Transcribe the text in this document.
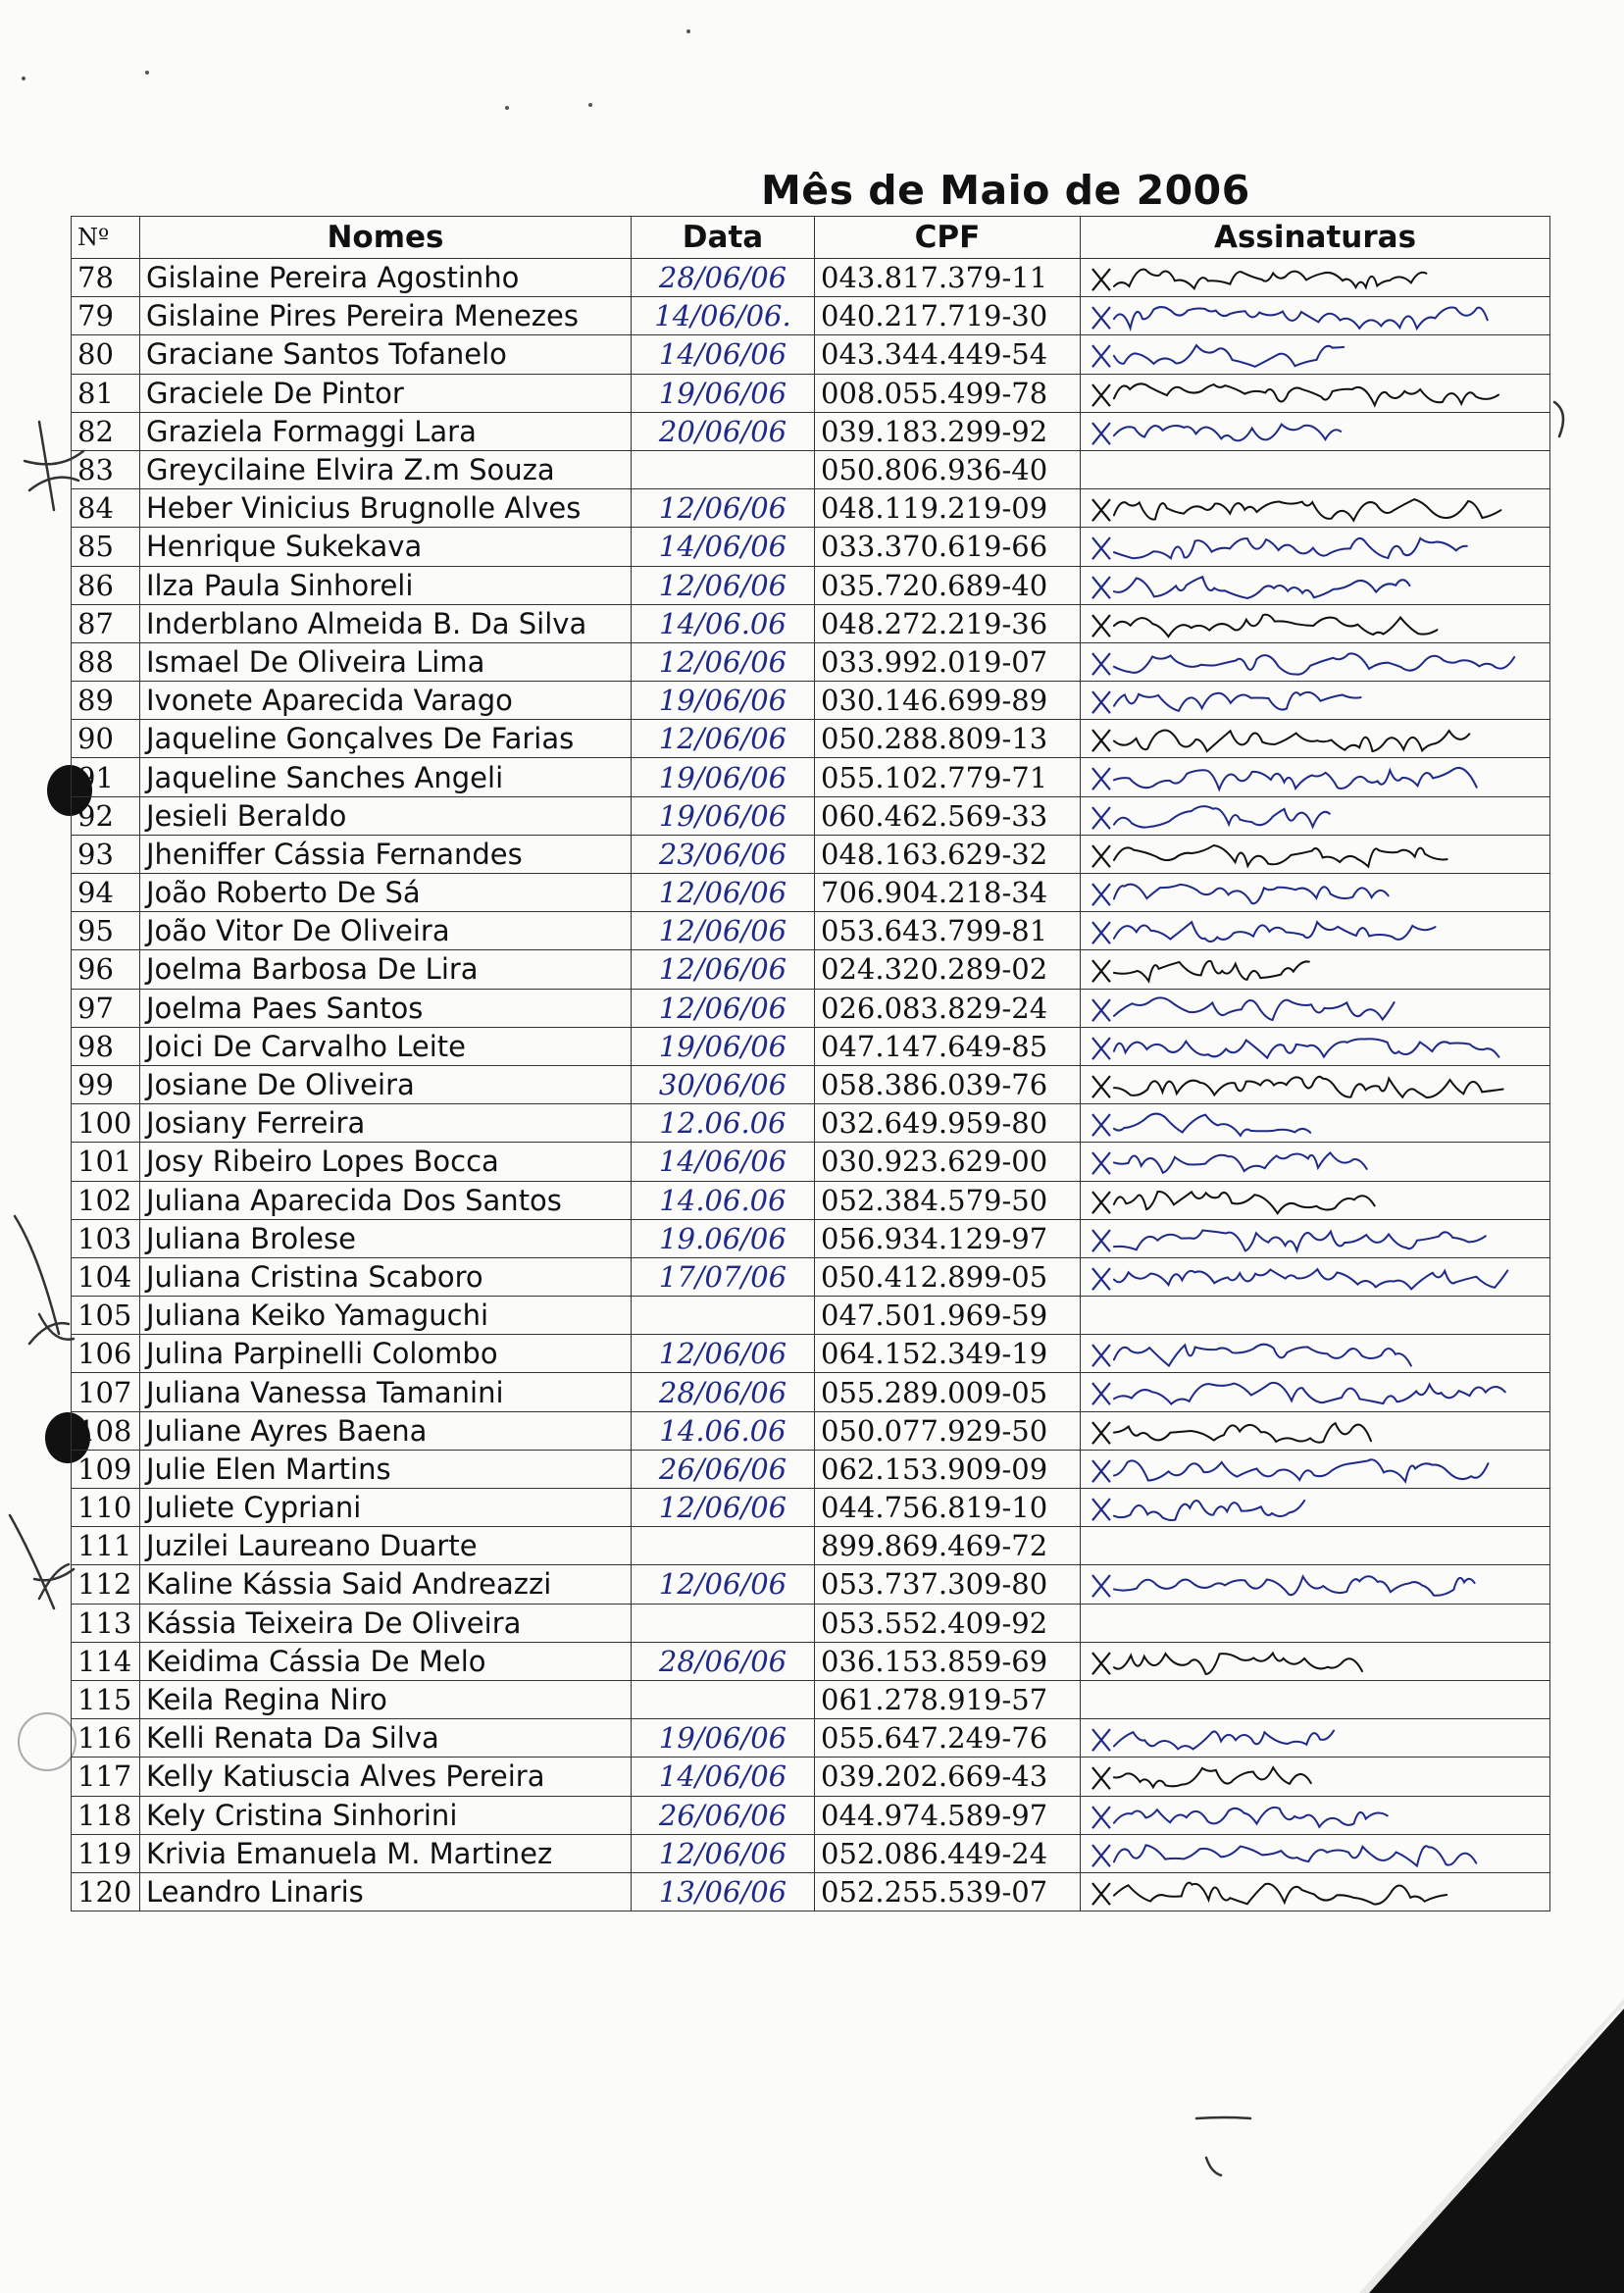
Mês de Maio de 2006
Nº	Nomes	Data	CPF	Assinaturas
78	Gislaine Pereira Agostinho	28/06/06	043.817.379-11	

79	Gislaine Pires Pereira Menezes	14/06/06.	040.217.719-30	

80	Graciane Santos Tofanelo	14/06/06	043.344.449-54	

81	Graciele De Pintor	19/06/06	008.055.499-78	

82	Graziela Formaggi Lara	20/06/06	039.183.299-92	

83	Greycilaine Elvira Z.m Souza		050.806.936-40	
84	Heber Vinicius Brugnolle Alves	12/06/06	048.119.219-09	

85	Henrique Sukekava	14/06/06	033.370.619-66	

86	Ilza Paula Sinhoreli	12/06/06	035.720.689-40	

87	Inderblano Almeida B. Da Silva	14/06.06	048.272.219-36	

88	Ismael De Oliveira Lima	12/06/06	033.992.019-07	

89	Ivonete Aparecida Varago	19/06/06	030.146.699-89	

90	Jaqueline Gonçalves De Farias	12/06/06	050.288.809-13	

91	Jaqueline Sanches Angeli	19/06/06	055.102.779-71	

92	Jesieli Beraldo	19/06/06	060.462.569-33	

93	Jheniffer Cássia Fernandes	23/06/06	048.163.629-32	

94	João Roberto De Sá	12/06/06	706.904.218-34	

95	João Vitor De Oliveira	12/06/06	053.643.799-81	

96	Joelma Barbosa De Lira	12/06/06	024.320.289-02	

97	Joelma Paes Santos	12/06/06	026.083.829-24	

98	Joici De Carvalho Leite	19/06/06	047.147.649-85	

99	Josiane De Oliveira	30/06/06	058.386.039-76	

100	Josiany Ferreira	12.06.06	032.649.959-80	

101	Josy Ribeiro Lopes Bocca	14/06/06	030.923.629-00	

102	Juliana Aparecida Dos Santos	14.06.06	052.384.579-50	

103	Juliana Brolese	19.06/06	056.934.129-97	

104	Juliana Cristina Scaboro	17/07/06	050.412.899-05	

105	Juliana Keiko Yamaguchi		047.501.969-59	
106	Julina Parpinelli Colombo	12/06/06	064.152.349-19	

107	Juliana Vanessa Tamanini	28/06/06	055.289.009-05	

108	Juliane Ayres Baena	14.06.06	050.077.929-50	

109	Julie Elen Martins	26/06/06	062.153.909-09	

110	Juliete Cypriani	12/06/06	044.756.819-10	

111	Juzilei Laureano Duarte		899.869.469-72	
112	Kaline Kássia Said Andreazzi	12/06/06	053.737.309-80	

113	Kássia Teixeira De Oliveira		053.552.409-92	
114	Keidima Cássia De Melo	28/06/06	036.153.859-69	

115	Keila Regina Niro		061.278.919-57	
116	Kelli Renata Da Silva	19/06/06	055.647.249-76	

117	Kelly Katiuscia Alves Pereira	14/06/06	039.202.669-43	

118	Kely Cristina Sinhorini	26/06/06	044.974.589-97	

119	Krivia Emanuela M. Martinez	12/06/06	052.086.449-24	

120	Leandro Linaris	13/06/06	052.255.539-07	
